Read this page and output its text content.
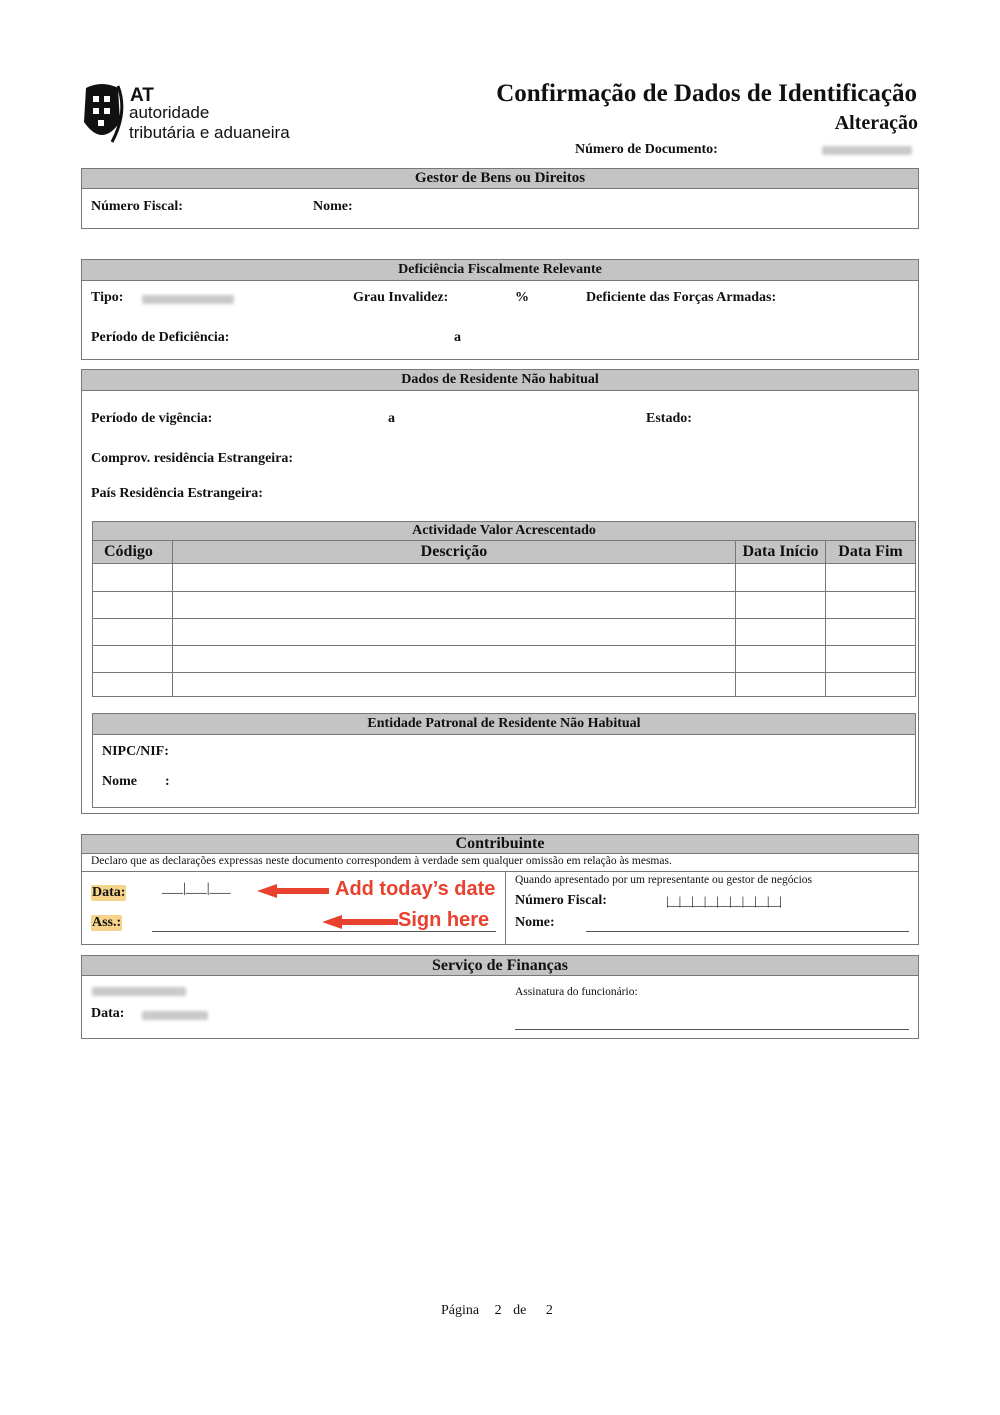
AT
autoridade
tributária e aduaneira
Confirmação de Dados de Identificação
Alteração
Número de Documento:
Gestor de Bens ou Direitos
Número Fiscal:	Nome:
Deficiência Fiscalmente Relevante
Tipo:	Grau Invalidez:	%	Deficiente das Forças Armadas:
Período de Deficiência:	a
Dados de Residente Não habitual
Período de vigência:	a	Estado:
Comprov. residência Estrangeira:
País Residência Estrangeira:
Actividade Valor Acrescentado
Código	Descrição	Data Início	Data Fim

Entidade Patronal de Residente Não Habitual
NIPC/NIF:
Nome :
Contribuinte
Declaro que as declarações expressas neste documento correspondem à verdade sem qualquer omissão em relação às mesmas.
Data:	___|___|___	Add today’s date
Ass.:	Sign here
Quando apresentado por um representante ou gestor de negócios
Número Fiscal:	|__|__|__|__|__|__|__|__|__|
Nome:
Serviço de Finanças
Data:
Assinatura do funcionário:
Página 2 de 2
